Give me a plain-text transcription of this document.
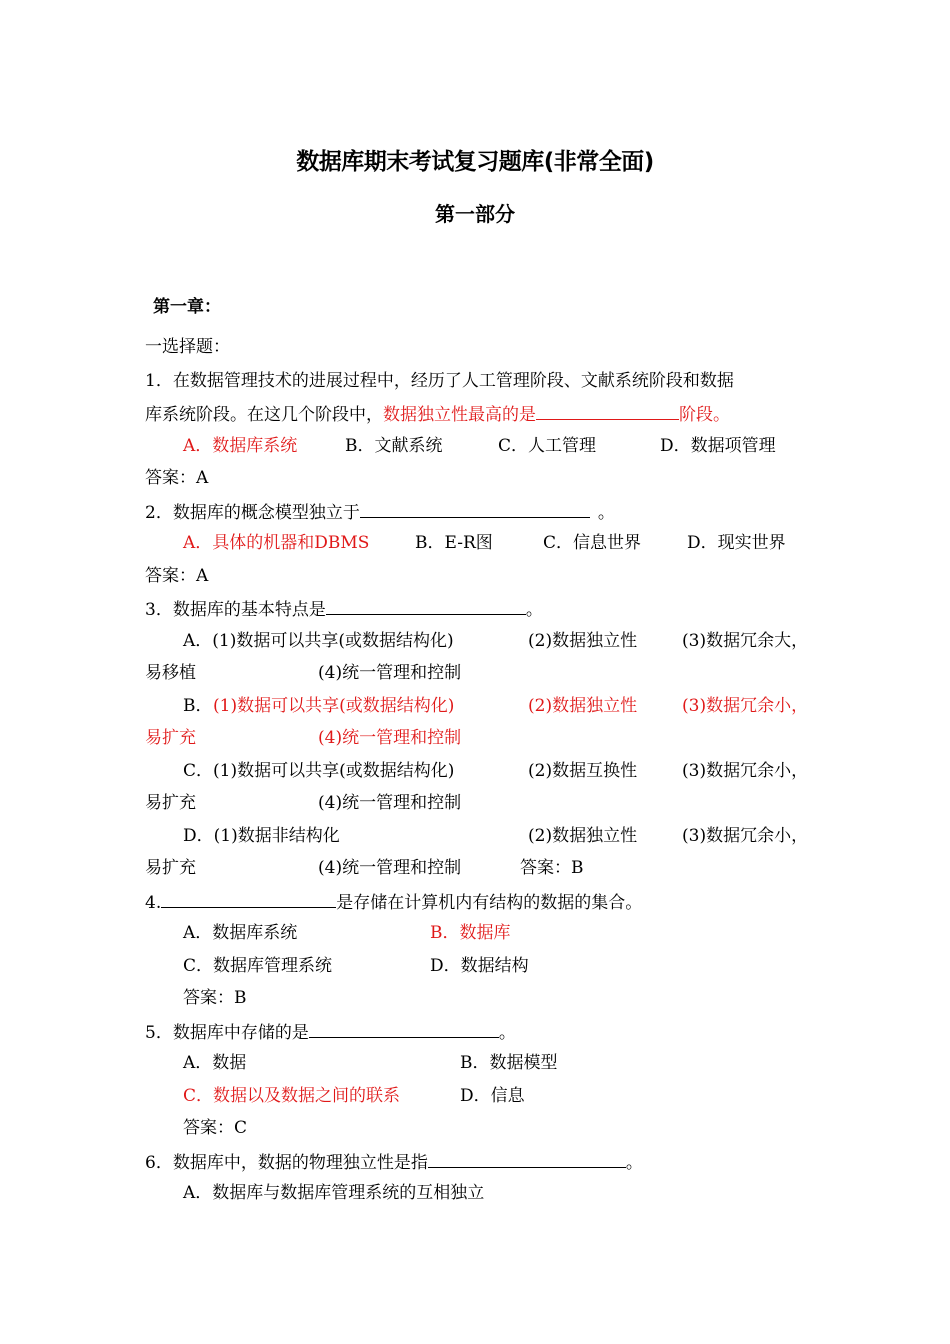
数据库期末考试复习题库(非常全面)
第一部分
第一章：
一选择题：
1．在数据管理技术的进展过程中，经历了人工管理阶段、文献系统阶段和数据
库系统阶段。在这几个阶段中，数据独立性最高的是	阶段。
A．数据库系统	B．文献系统	C．人工管理	D．数据项管理
答案：A
2．数据库的概念模型独立于	。
A．具体的机器和DBMS	B．E-R图	C．信息世界	D．现实世界
答案：A
3．数据库的基本特点是	。
A．(1)数据可以共享(或数据结构化)	(2)数据独立性	(3)数据冗余大，
易移植	(4)统一管理和控制
B． (1)数据可以共享(或数据结构化)	(2)数据独立性	(3)数据冗余小，
易扩充	(4)统一管理和控制
C．(1)数据可以共享(或数据结构化)	(2)数据互换性	(3)数据冗余小，
易扩充	(4)统一管理和控制
D．(1)数据非结构化	(2)数据独立性	(3)数据冗余小，
易扩充	(4)统一管理和控制	答案：B
4.	是存储在计算机内有结构的数据的集合。
A．数据库系统	B．数据库
C．数据库管理系统	D．数据结构
答案：B
5．数据库中存储的是	。
A．数据	B．数据模型
C．数据以及数据之间的联系	D．信息
答案：C
6．数据库中，数据的物理独立性是指	。
A．数据库与数据库管理系统的互相独立
